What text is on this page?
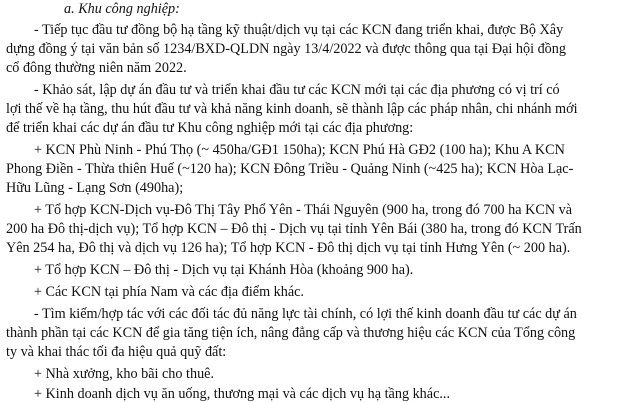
a. Khu công nghiệp:
- Tiếp tục đầu tư đồng bộ hạ tầng kỹ thuật/dịch vụ tại các KCN đang triển khai, được Bộ Xây
dựng đồng ý tại văn bản số 1234/BXD-QLDN ngày 13/4/2022 và được thông qua tại Đại hội đồng
cổ đông thường niên năm 2022.
- Khảo sát, lập dự án đầu tư và triển khai đầu tư các KCN mới tại các địa phương có vị trí có
lợi thế về hạ tầng, thu hút đầu tư và khả năng kinh doanh, sẽ thành lập các pháp nhân, chi nhánh mới
để triển khai các dự án đầu tư Khu công nghiệp mới tại các địa phương:
+ KCN Phù Ninh - Phú Thọ (~ 450ha/GĐ1 150ha); KCN Phú Hà GĐ2 (100 ha); Khu A KCN
Phong Điền - Thừa thiên Huế (~120 ha); KCN Đông Triều - Quảng Ninh (~425 ha); KCN Hòa Lạc-
Hữu Lũng - Lạng Sơn (490ha);
+ Tổ hợp KCN-Dịch vụ-Đô Thị Tây Phổ Yên - Thái Nguyên (900 ha, trong đó 700 ha KCN và
200 ha Đô thị-dịch vụ); Tổ hợp KCN – Đô thị - Dịch vụ tại tỉnh Yên Bái (380 ha, trong đó KCN Trấn
Yên 254 ha, Đô thị và dịch vụ 126 ha); Tổ hợp KCN - Đô thị dịch vụ tại tỉnh Hưng Yên (~ 200 ha).
+ Tổ hợp KCN – Đô thị - Dịch vụ tại Khánh Hòa (khoảng 900 ha).
+ Các KCN tại phía Nam và các địa điểm khác.
- Tìm kiếm/hợp tác với các đối tác đủ năng lực tài chính, có lợi thế kinh doanh đầu tư các dự án
thành phần tại các KCN để gia tăng tiện ích, nâng đẳng cấp và thương hiệu các KCN của Tổng công
ty và khai thác tối đa hiệu quả quỹ đất:
+ Nhà xưởng, kho bãi cho thuê.
+ Kinh doanh dịch vụ ăn uống, thương mại và các dịch vụ hạ tầng khác...
